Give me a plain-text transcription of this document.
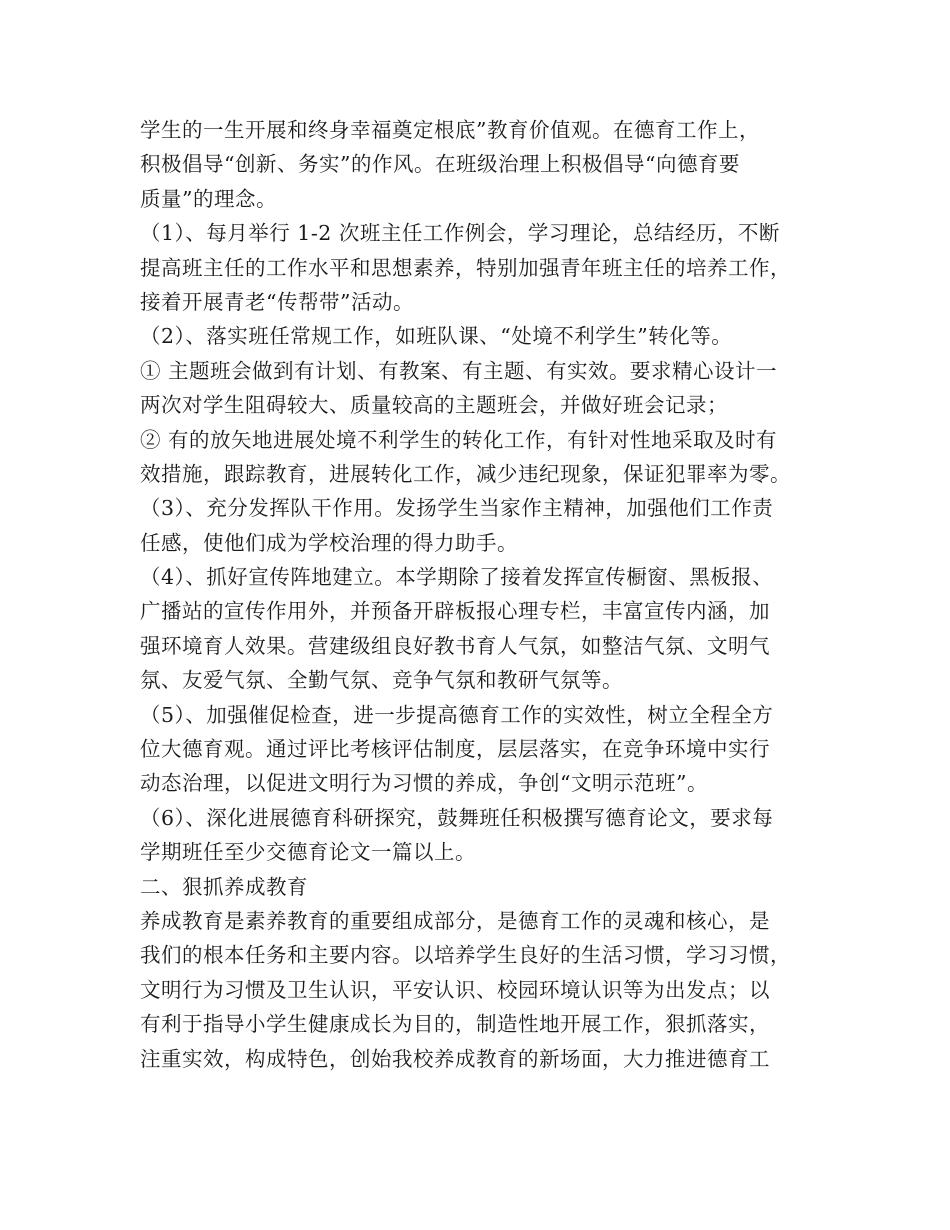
学生的一生开展和终身幸福奠定根底”教育价值观。在德育工作上，
积极倡导“创新、务实”的作风。在班级治理上积极倡导“向德育要
质量”的理念。
（1）、每月举行 1-2 次班主任工作例会，学习理论，总结经历，不断
提高班主任的工作水平和思想素养，特别加强青年班主任的培养工作，
接着开展青老“传帮带”活动。
（2）、落实班任常规工作，如班队课、“处境不利学生”转化等。
① 主题班会做到有计划、有教案、有主题、有实效。要求精心设计一
两次对学生阻碍较大、质量较高的主题班会，并做好班会记录；
② 有的放矢地进展处境不利学生的转化工作，有针对性地采取及时有
效措施，跟踪教育，进展转化工作，减少违纪现象，保证犯罪率为零。
（3）、充分发挥队干作用。发扬学生当家作主精神，加强他们工作责
任感，使他们成为学校治理的得力助手。
（4）、抓好宣传阵地建立。本学期除了接着发挥宣传橱窗、黑板报、
广播站的宣传作用外，并预备开辟板报心理专栏，丰富宣传内涵，加
强环境育人效果。营建级组良好教书育人气氛，如整洁气氛、文明气
氛、友爱气氛、全勤气氛、竞争气氛和教研气氛等。
（5）、加强催促检查，进一步提高德育工作的实效性，树立全程全方
位大德育观。通过评比考核评估制度，层层落实，在竞争环境中实行
动态治理，以促进文明行为习惯的养成，争创“文明示范班”。
（6）、深化进展德育科研探究，鼓舞班任积极撰写德育论文，要求每
学期班任至少交德育论文一篇以上。
二、狠抓养成教育
养成教育是素养教育的重要组成部分，是德育工作的灵魂和核心，是
我们的根本任务和主要内容。以培养学生良好的生活习惯，学习习惯，
文明行为习惯及卫生认识，平安认识、校园环境认识等为出发点；以
有利于指导小学生健康成长为目的，制造性地开展工作，狠抓落实，
注重实效，构成特色，创始我校养成教育的新场面，大力推进德育工
